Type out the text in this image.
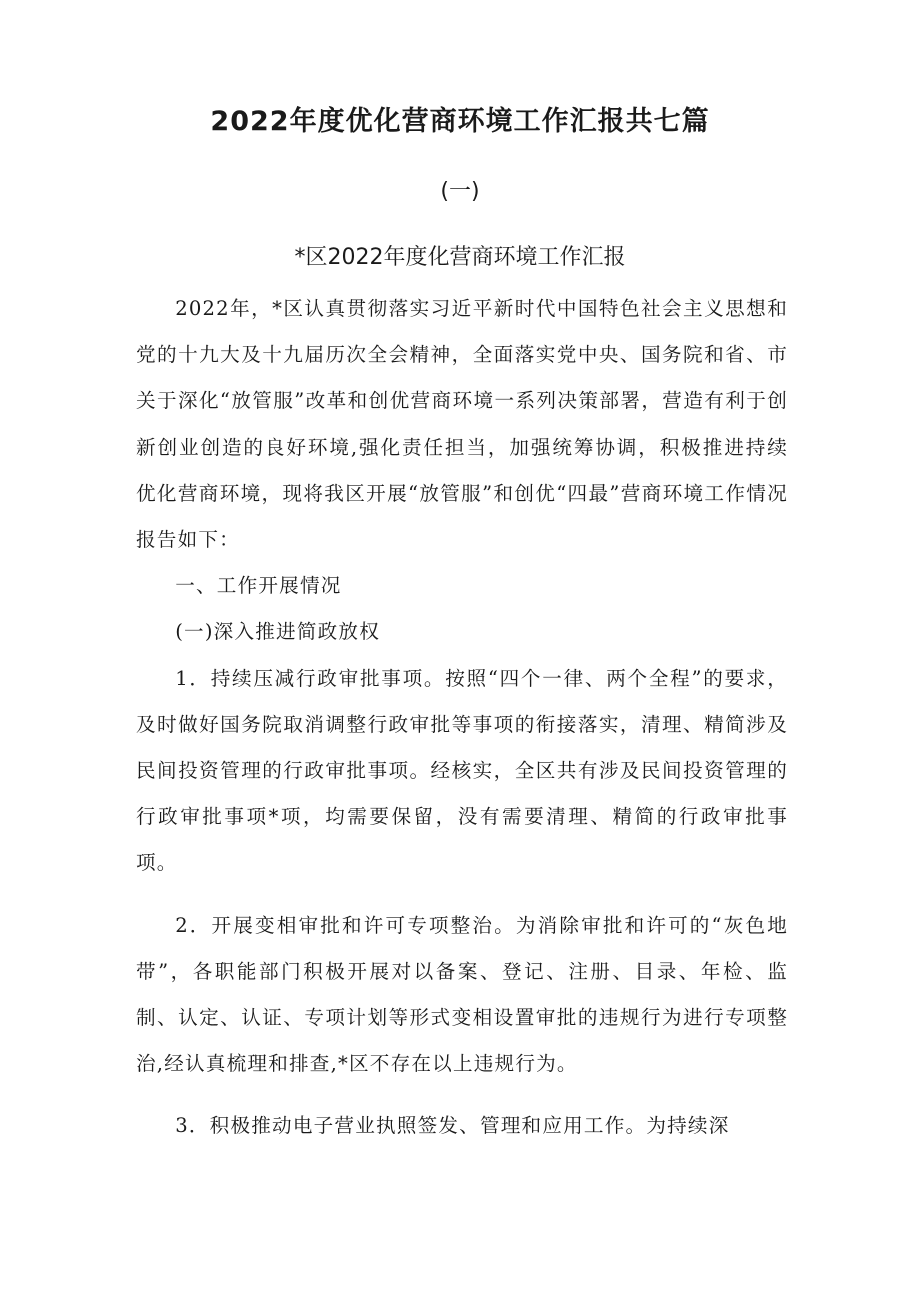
2022年度优化营商环境工作汇报共七篇
(一)
*区2022年度化营商环境工作汇报

2022年，*区认真贯彻落实习近平新时代中国特色社会主义思想和党的十九大及十九届历次全会精神，全面落实党中央、国务院和省、市关于深化“放管服”改革和创优营商环境一系列决策部署，营造有利于创新创业创造的良好环境,强化责任担当，加强统筹协调，积极推进持续优化营商环境，现将我区开展“放管服”和创优“四最”营商环境工作情况报告如下：

一、工作开展情况

(一)深入推进简政放权

1．持续压减行政审批事项。按照“四个一律、两个全程”的要求，及时做好国务院取消调整行政审批等事项的衔接落实，清理、精简涉及民间投资管理的行政审批事项。经核实，全区共有涉及民间投资管理的行政审批事项*项，均需要保留，没有需要清理、精简的行政审批事项。

2．开展变相审批和许可专项整治。为消除审批和许可的“灰色地带”，各职能部门积极开展对以备案、登记、注册、目录、年检、监制、认定、认证、专项计划等形式变相设置审批的违规行为进行专项整治,经认真梳理和排查,*区不存在以上违规行为。

3．积极推动电子营业执照签发、管理和应用工作。为持续深
